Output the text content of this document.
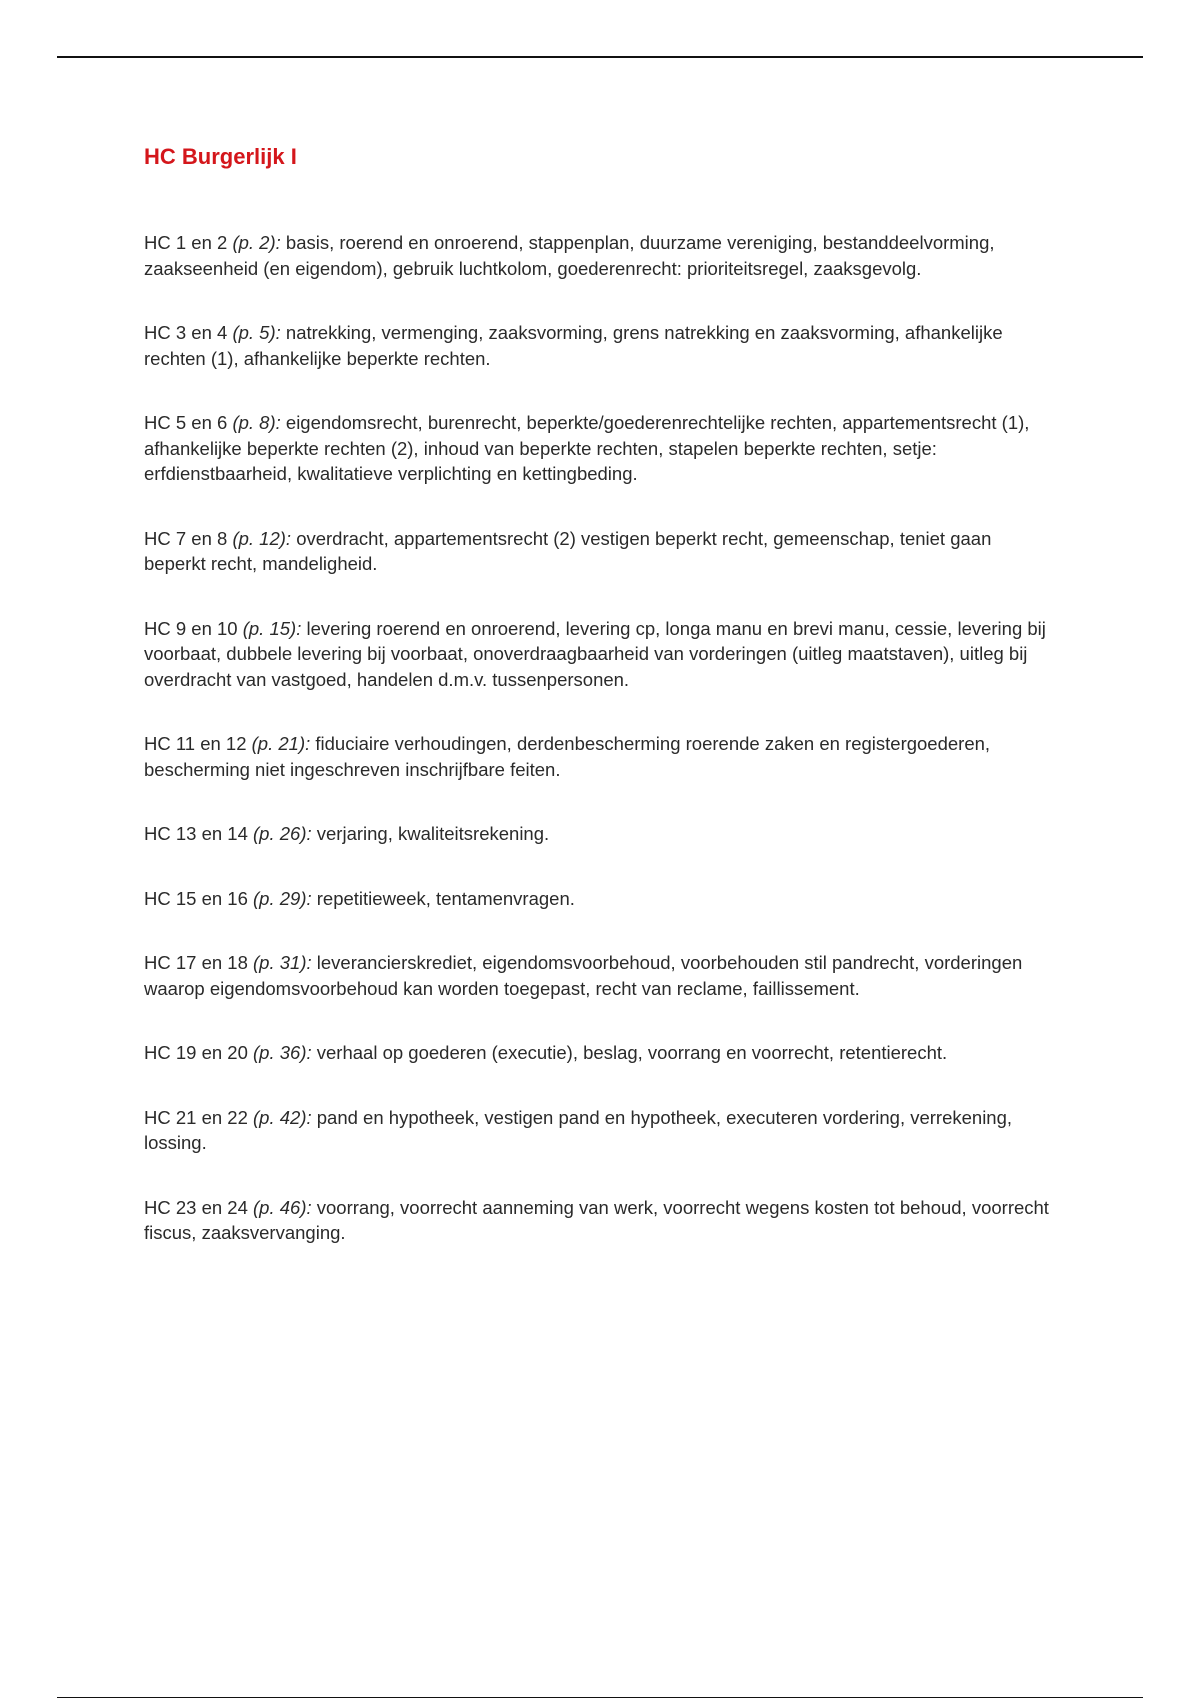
HC Burgerlijk I

HC 1 en 2 (p. 2): basis, roerend en onroerend, stappenplan, duurzame vereniging, bestanddeelvorming, zaakseenheid (en eigendom), gebruik luchtkolom, goederenrecht: prioriteitsregel, zaaksgevolg.

HC 3 en 4 (p. 5): natrekking, vermenging, zaaksvorming, grens natrekking en zaaksvorming, afhankelijke rechten (1), afhankelijke beperkte rechten.

HC 5 en 6 (p. 8): eigendomsrecht, burenrecht, beperkte/goederenrechtelijke rechten, appartementsrecht (1), afhankelijke beperkte rechten (2), inhoud van beperkte rechten, stapelen beperkte rechten, setje: erfdienstbaarheid, kwalitatieve verplichting en kettingbeding.

HC 7 en 8 (p. 12): overdracht, appartementsrecht (2) vestigen beperkt recht, gemeenschap, teniet gaan beperkt recht, mandeligheid.

HC 9 en 10 (p. 15): levering roerend en onroerend, levering cp, longa manu en brevi manu, cessie, levering bij voorbaat, dubbele levering bij voorbaat, onoverdraagbaarheid van vorderingen (uitleg maatstaven), uitleg bij overdracht van vastgoed, handelen d.m.v. tussenpersonen.

HC 11 en 12 (p. 21): fiduciaire verhoudingen, derdenbescherming roerende zaken en registergoederen, bescherming niet ingeschreven inschrijfbare feiten.

HC 13 en 14 (p. 26): verjaring, kwaliteitsrekening.

HC 15 en 16 (p. 29): repetitieweek, tentamenvragen.

HC 17 en 18 (p. 31): leverancierskrediet, eigendomsvoorbehoud, voorbehouden stil pandrecht, vorderingen waarop eigendomsvoorbehoud kan worden toegepast, recht van reclame, faillissement.

HC 19 en 20 (p. 36): verhaal op goederen (executie), beslag, voorrang en voorrecht, retentierecht.

HC 21 en 22 (p. 42): pand en hypotheek, vestigen pand en hypotheek, executeren vordering, verrekening, lossing.

HC 23 en 24 (p. 46): voorrang, voorrecht aanneming van werk, voorrecht wegens kosten tot behoud, voorrecht fiscus, zaaksvervanging.
